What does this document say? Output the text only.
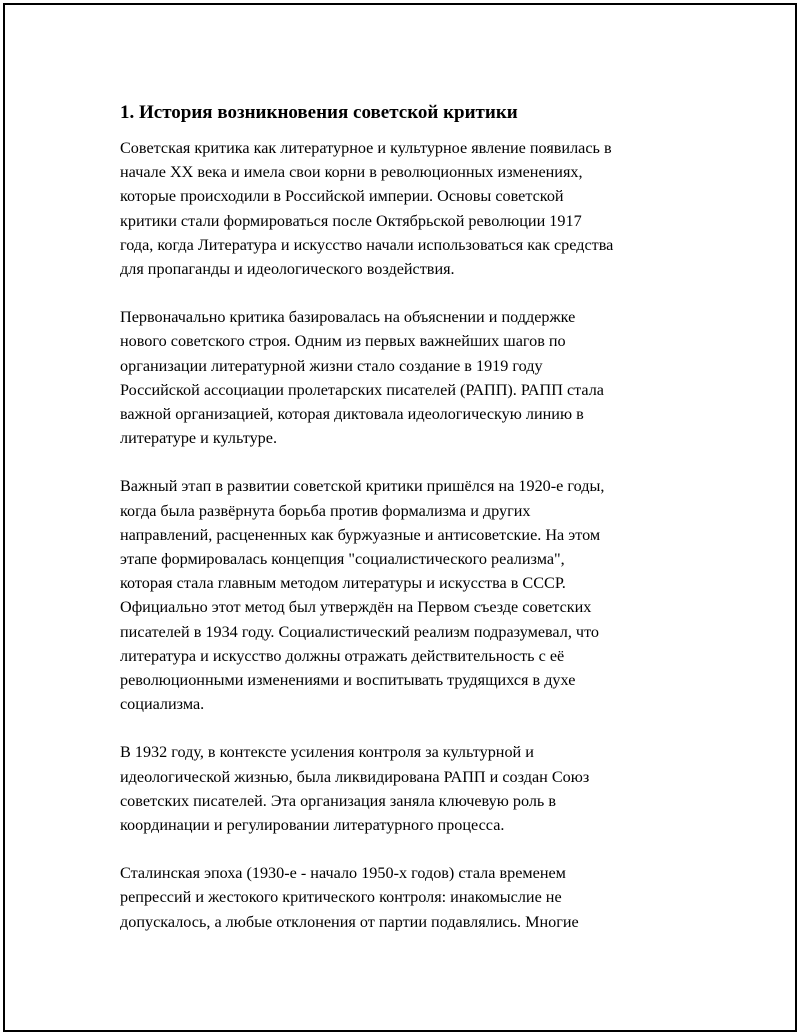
1. История возникновения советской критики
Советская критика как литературное и культурное явление появилась в
начале XX века и имела свои корни в революционных изменениях,
которые происходили в Российской империи. Основы советской
критики стали формироваться после Октябрьской революции 1917
года, когда Литература и искусство начали использоваться как средства
для пропаганды и идеологического воздействия.
Первоначально критика базировалась на объяснении и поддержке
нового советского строя. Одним из первых важнейших шагов по
организации литературной жизни стало создание в 1919 году
Российской ассоциации пролетарских писателей (РАПП). РАПП стала
важной организацией, которая диктовала идеологическую линию в
литературе и культуре.
Важный этап в развитии советской критики пришёлся на 1920-е годы,
когда была развёрнута борьба против формализма и других
направлений, расцененных как буржуазные и антисоветские. На этом
этапе формировалась концепция "социалистического реализма",
которая стала главным методом литературы и искусства в СССР.
Официально этот метод был утверждён на Первом съезде советских
писателей в 1934 году. Социалистический реализм подразумевал, что
литература и искусство должны отражать действительность с её
революционными изменениями и воспитывать трудящихся в духе
социализма.
В 1932 году, в контексте усиления контроля за культурной и
идеологической жизнью, была ликвидирована РАПП и создан Союз
советских писателей. Эта организация заняла ключевую роль в
координации и регулировании литературного процесса.
Сталинская эпоха (1930-е - начало 1950-х годов) стала временем
репрессий и жестокого критического контроля: инакомыслие не
допускалось, а любые отклонения от партии подавлялись. Многие
